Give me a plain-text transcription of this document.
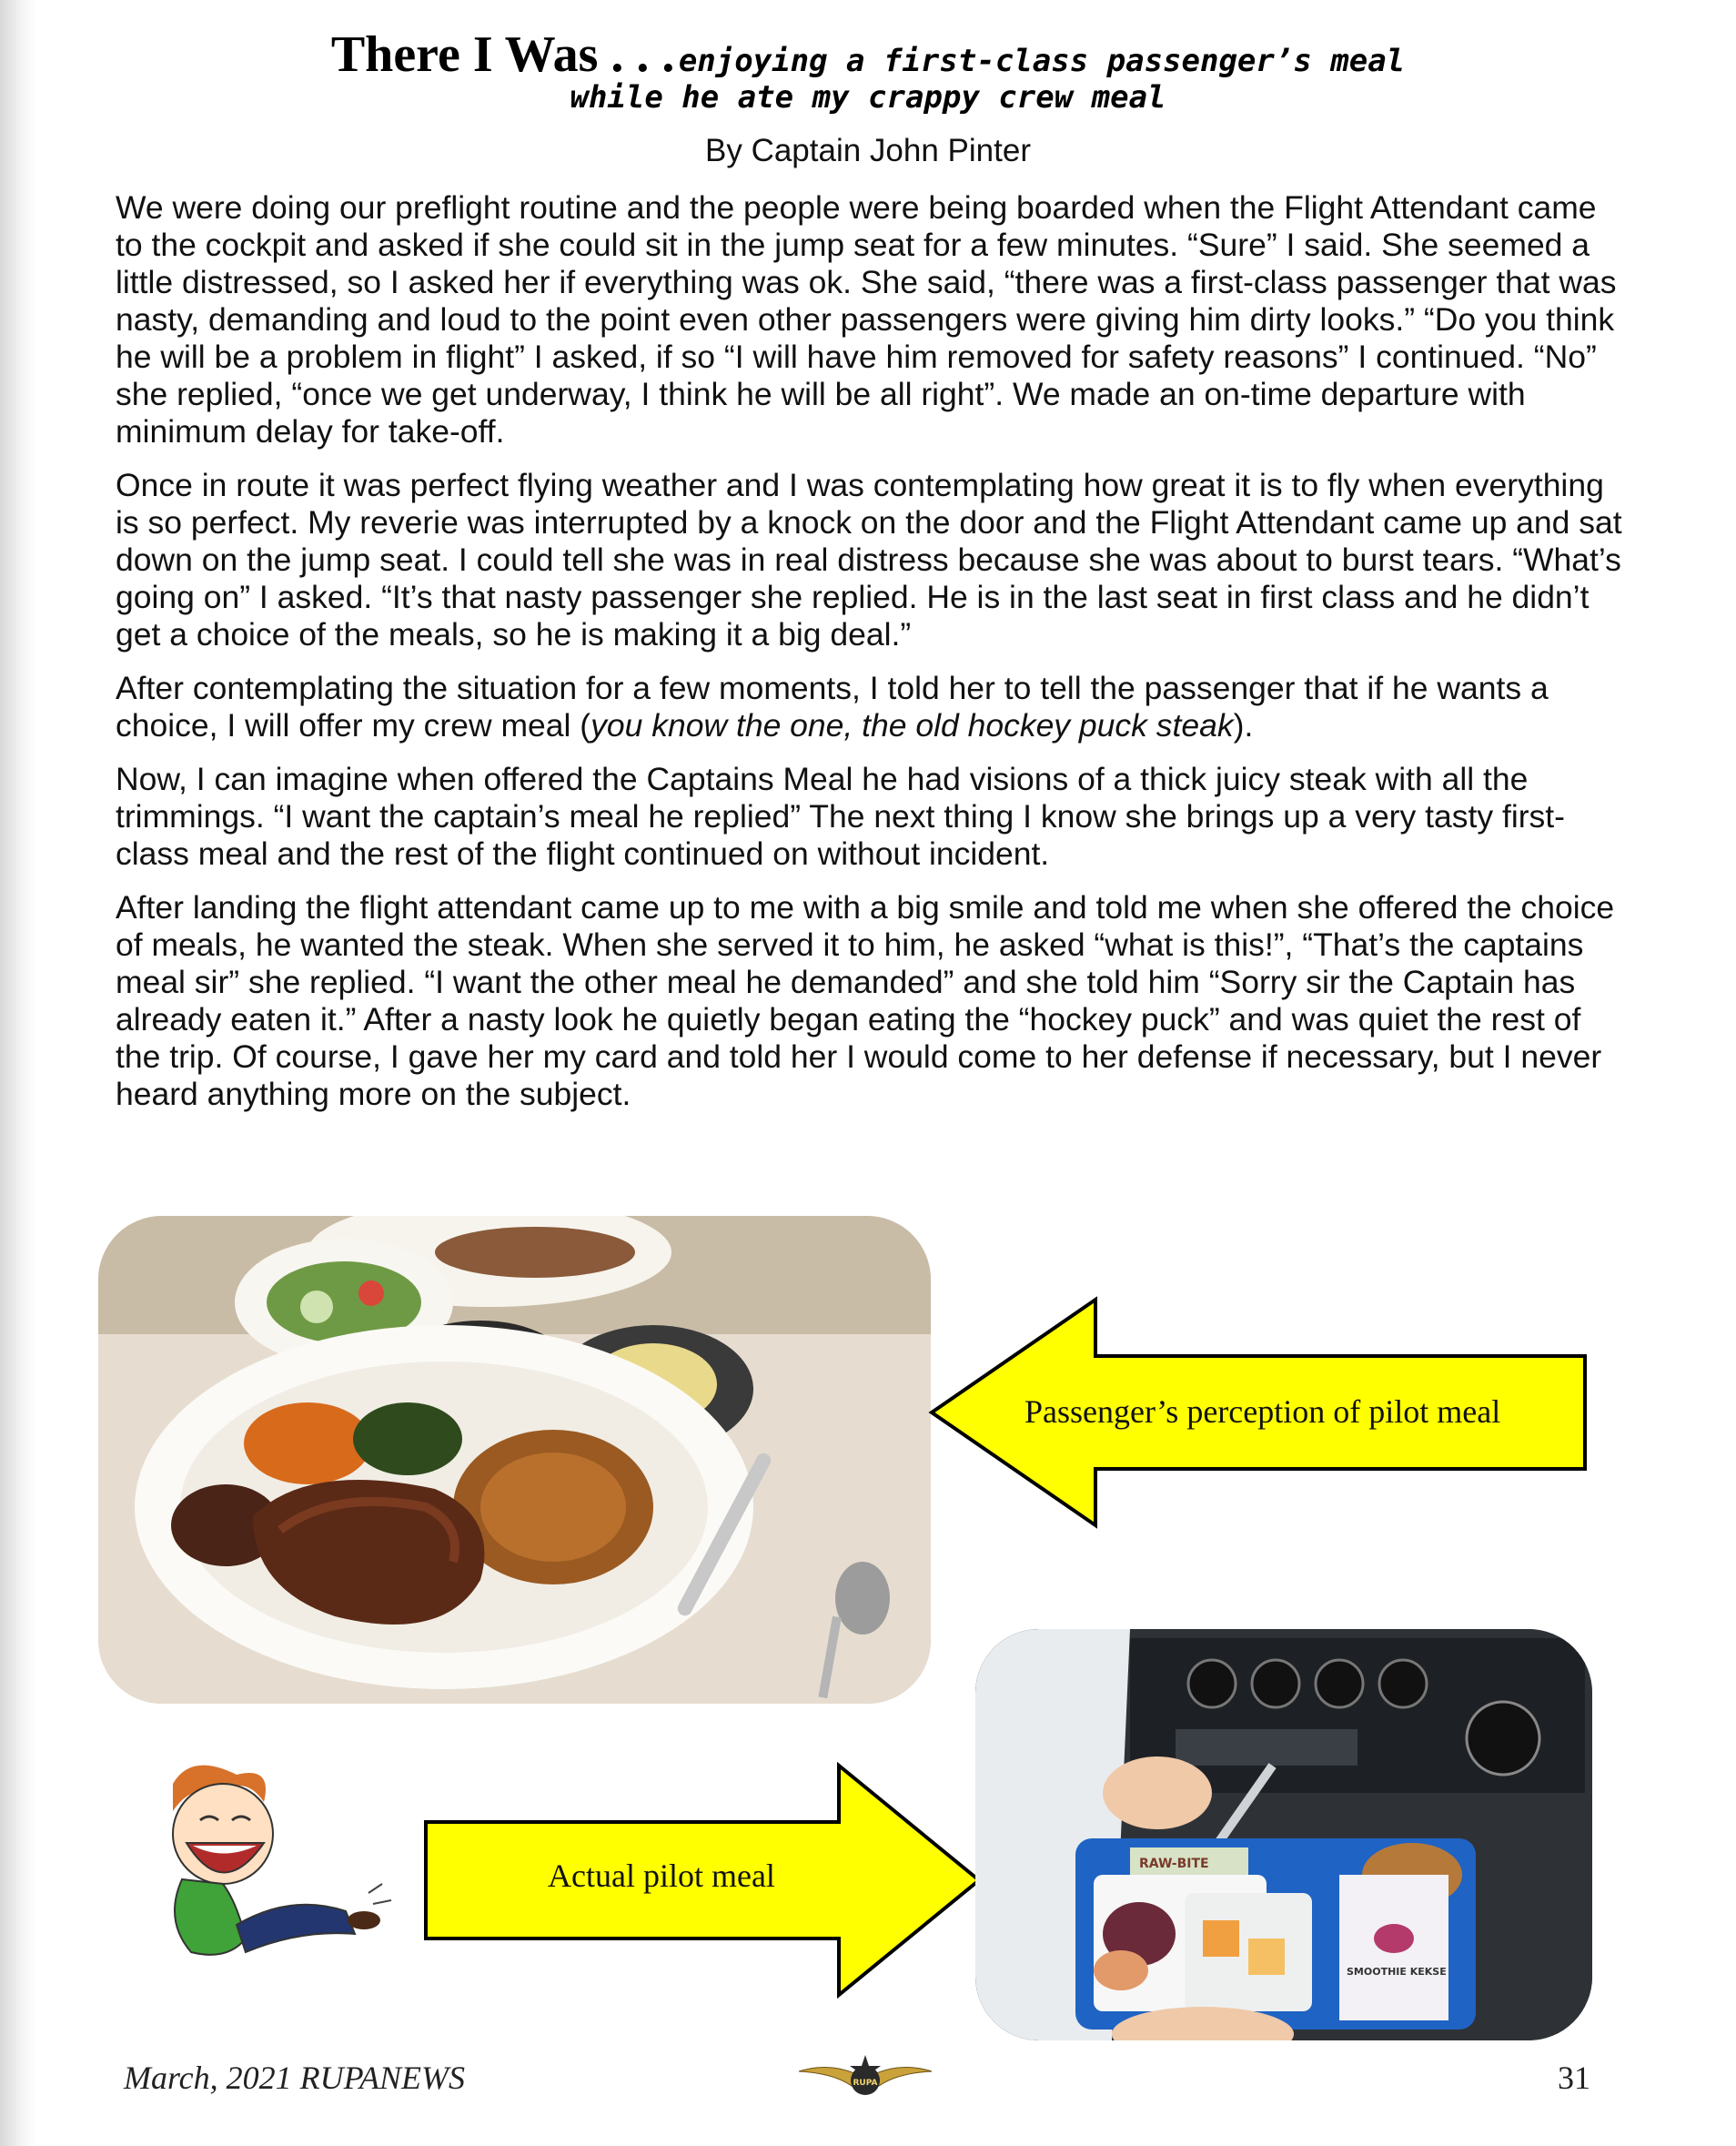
There I Was . . . enjoying a first-class passenger’s meal
while he ate my crappy crew meal
By Captain John Pinter

We were doing our preflight routine and the people were being boarded when the Flight Attendant came to the cockpit and asked if she could sit in the jump seat for a few minutes. “Sure” I said. She seemed a little distressed, so I asked her if everything was ok. She said, “there was a first-class passenger that was nasty, demanding and loud to the point even other passengers were giving him dirty looks.” “Do you think he will be a problem in flight” I asked, if so “I will have him removed for safety reasons” I continued. “No” she replied, “once we get underway, I think he will be all right”. We made an on-time departure with minimum delay for take-off.

Once in route it was perfect flying weather and I was contemplating how great it is to fly when everything is so perfect. My reverie was interrupted by a knock on the door and the Flight Attendant came up and sat down on the jump seat. I could tell she was in real distress because she was about to burst tears. “What’s going on” I asked. “It’s that nasty passenger she replied. He is in the last seat in first class and he didn’t get a choice of the meals, so he is making it a big deal.”

After contemplating the situation for a few moments, I told her to tell the passenger that if he wants a choice, I will offer my crew meal (you know the one, the old hockey puck steak).

Now, I can imagine when offered the Captains Meal he had visions of a thick juicy steak with all the trimmings. “I want the captain’s meal he replied” The next thing I know she brings up a very tasty first-class meal and the rest of the flight continued on without incident.

After landing the flight attendant came up to me with a big smile and told me when she offered the choice of meals, he wanted the steak. When she served it to him, he asked “what is this!”, “That’s the captains meal sir” she replied. “I want the other meal he demanded” and she told him “Sorry sir the Captain has already eaten it.” After a nasty look he quietly began eating the “hockey puck” and was quiet the rest of the trip. Of course, I gave her my card and told her I would come to her defense if necessary, but I never heard anything more on the subject.

Passenger’s perception of pilot meal
Actual pilot meal	RAW-BITE
SMOOTHIE KEKSE
March, 2021 RUPANEWS	RUPA	31
